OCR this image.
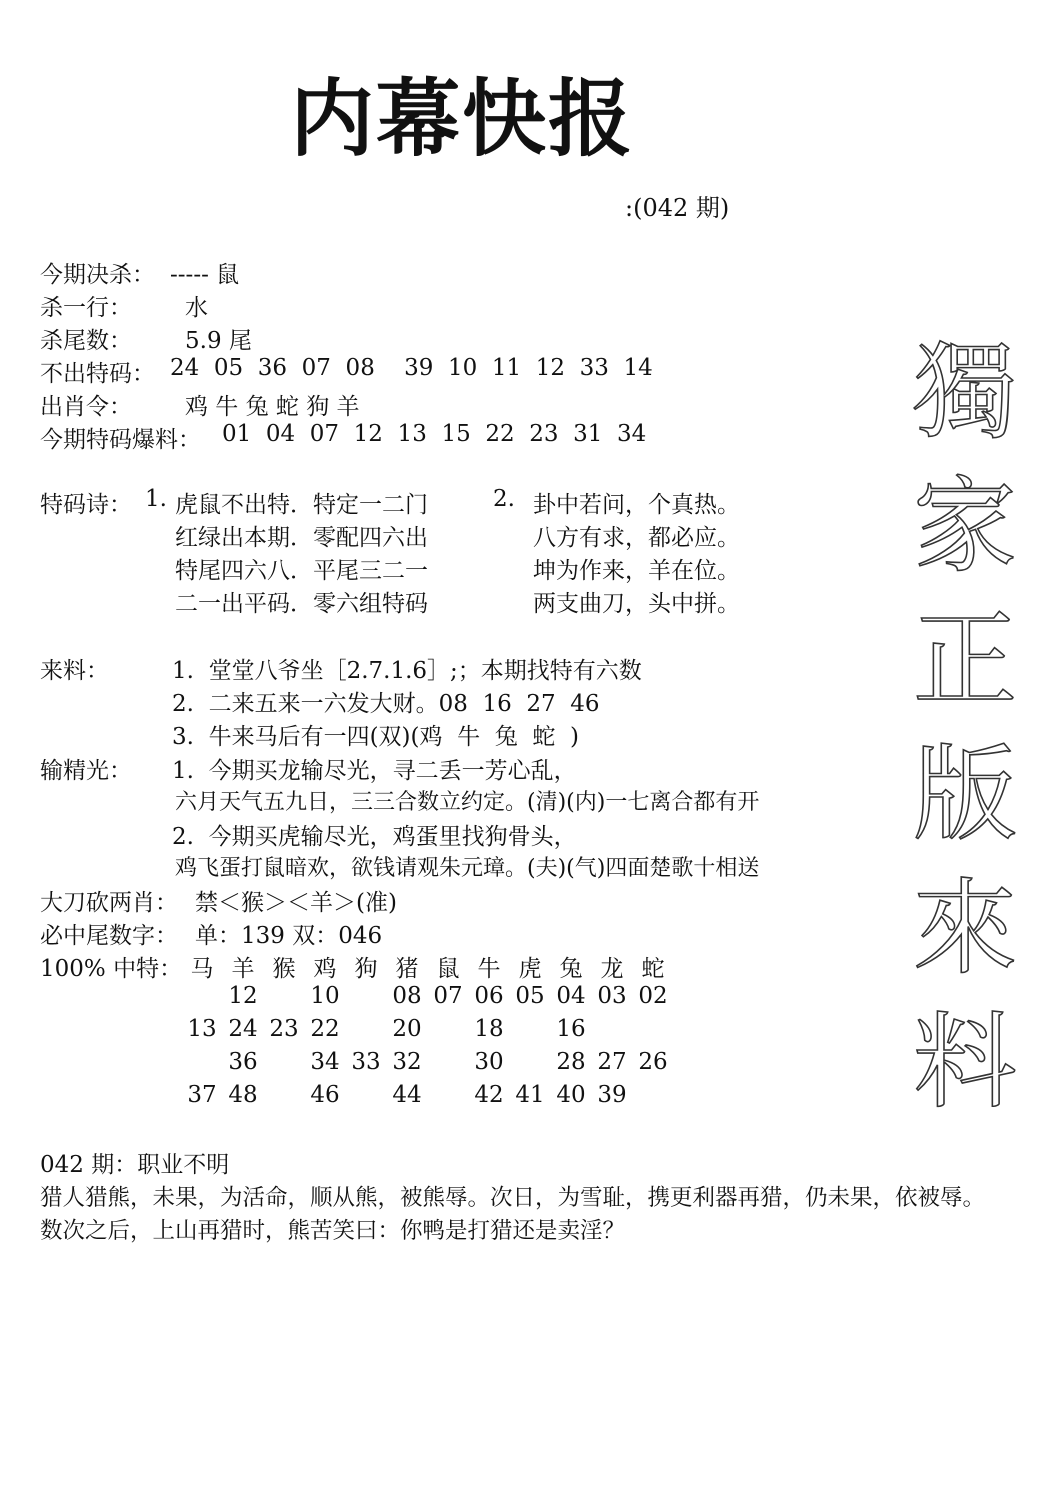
内幕快报
:(042 期)
今期决杀： ----- 鼠
杀一行： 水
杀尾数： 5.9 尾
不出特码： 24  05  36  07  08    39  10  11  12  33  14
出肖令： 鸡 牛 兔 蛇 狗 羊
今期特码爆料： 01  04  07  12  13  15  22  23  31  34
特码诗： 1.	2.
虎鼠不出特．特定一二门
红绿出本期．零配四六出
特尾四六八．平尾三二一
二一出平码．零六组特码
卦中若问，个真热。
八方有求，都必应。
坤为作来，羊在位。
两支曲刀，头中拼。
来料：	1.  堂堂八爷坐［2.7.1.6］;；本期找特有六数
2.  二来五来一六发大财。08  16  27  46
3.  牛来马后有一四(双)(鸡  牛  兔  蛇  )
输精光： 1.  今期买龙输尽光，寻二丢一芳心乱，
六月天气五九日，三三合数立约定。(清)(内)一七离合都有开
2.  今期买虎输尽光，鸡蛋里找狗骨头，
鸡飞蛋打鼠暗欢，欲钱请观朱元璋。(夫)(气)四面楚歌十相送
大刀砍两肖： 禁＜猴＞＜羊＞(准)
必中尾数字： 单：139 双：046
100% 中特： 马 羊 猴 鸡 狗 猪 鼠 牛 虎 兔 龙 蛇
12 10 08 07 06 05 04 03 02
13 24 23 22 20 18 16
36 34 33 32 30 28 27 26
37 48 46 44 42 41 40 39
042 期：职业不明
猎人猎熊，未果，为活命，顺从熊，被熊辱。次日，为雪耻，携更利器再猎，仍未果，依被辱。
数次之后，上山再猎时，熊苦笑曰：你鸭是打猎还是卖淫？
獨
家
正
版
來
料
